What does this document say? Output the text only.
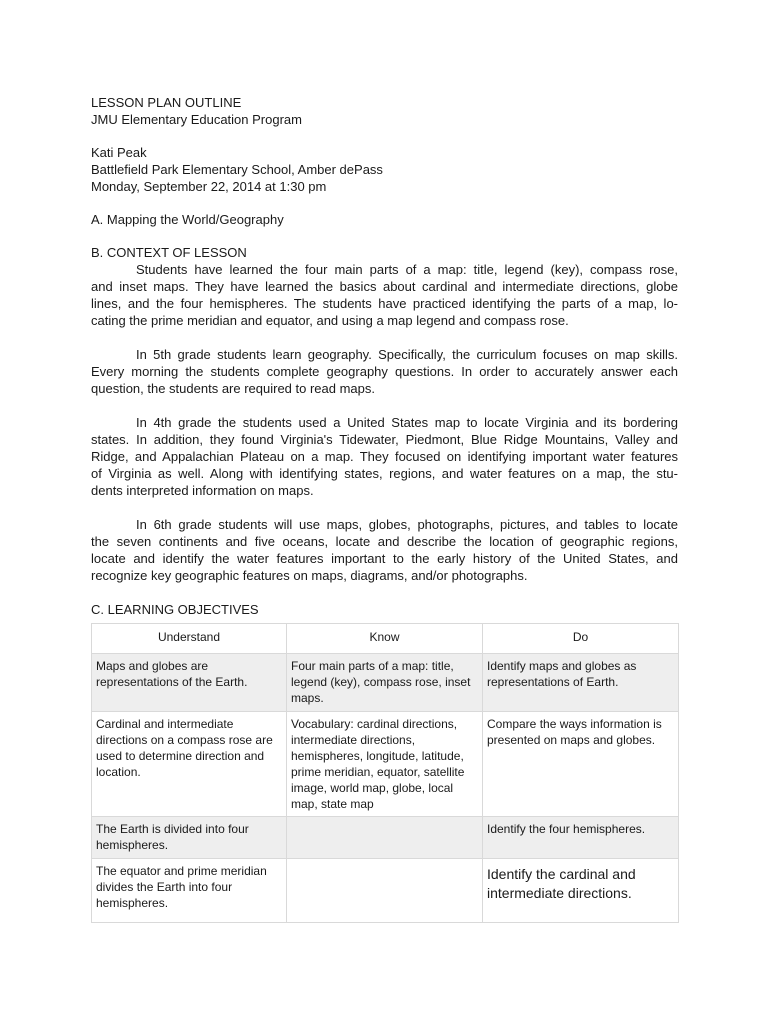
LESSON PLAN OUTLINE
JMU Elementary Education Program
Kati Peak
Battlefield Park Elementary School, Amber dePass
Monday, September 22, 2014 at 1:30 pm
A. Mapping the World/Geography
B. CONTEXT OF LESSON
Students have learned the four main parts of a map: title, legend (key), compass rose,
and inset maps. They have learned the basics about cardinal and intermediate directions, globe
lines, and the four hemispheres. The students have practiced identifying the parts of a map, lo-
cating the prime meridian and equator, and using a map legend and compass rose.
In 5th grade students learn geography. Specifically, the curriculum focuses on map skills.
Every morning the students complete geography questions. In order to accurately answer each
question, the students are required to read maps.
In 4th grade the students used a United States map to locate Virginia and its bordering
states. In addition, they found Virginia's Tidewater, Piedmont, Blue Ridge Mountains, Valley and
Ridge, and Appalachian Plateau on a map. They focused on identifying important water features
of Virginia as well. Along with identifying states, regions, and water features on a map, the stu-
dents interpreted information on maps.
In 6th grade students will use maps, globes, photographs, pictures, and tables to locate
the seven continents and five oceans, locate and describe the location of geographic regions,
locate and identify the water features important to the early history of the United States, and
recognize key geographic features on maps, diagrams, and/or photographs.
C. LEARNING OBJECTIVES
Understand	Know	Do
Maps and globes are representations of the Earth.	Four main parts of a map: title, legend (key), compass rose, inset maps.	Identify maps and globes as representations of Earth.
Cardinal and intermediate directions on a compass rose are used to determine direction and location.	Vocabulary: cardinal directions, intermediate directions, hemispheres, longitude, latitude, prime meridian, equator, satellite image, world map, globe, local map, state map	Compare the ways information is presented on maps and globes.
The Earth is divided into four hemispheres.		Identify the four hemispheres.
The equator and prime meridian divides the Earth into four hemispheres.		Identify the cardinal and intermediate directions.
